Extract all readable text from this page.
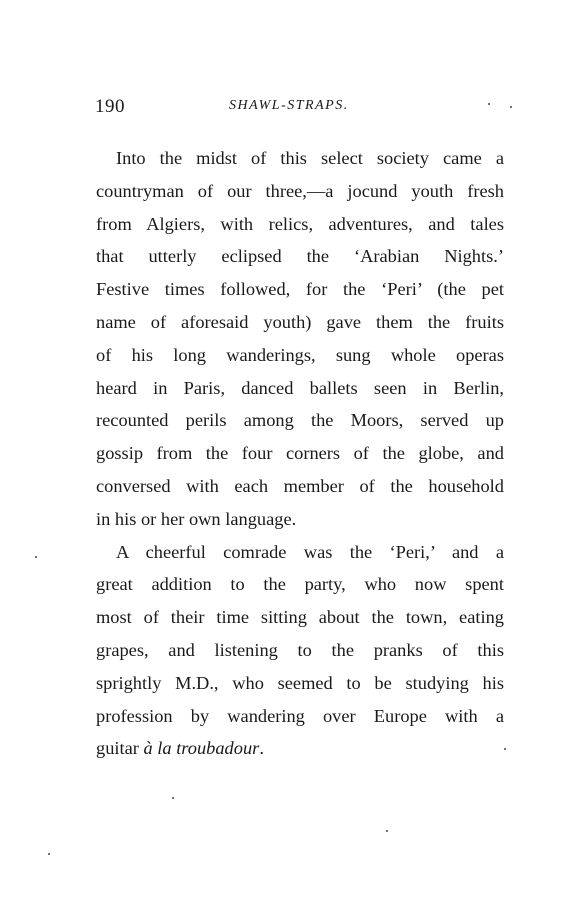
190	SHAWL-STRAPS.
Into the midst of this select society came a
countryman of our three,—a jocund youth fresh
from Algiers, with relics, adventures, and tales
that utterly eclipsed the ‘Arabian Nights.’
Festive times followed, for the ‘Peri’ (the pet
name of aforesaid youth) gave them the fruits
of his long wanderings, sung whole operas
heard in Paris, danced ballets seen in Berlin,
recounted perils among the Moors, served up
gossip from the four corners of the globe, and
conversed with each member of the household
in his or her own language.
A cheerful comrade was the ‘Peri,’ and a
great addition to the party, who now spent
most of their time sitting about the town, eating
grapes, and listening to the pranks of this
sprightly M.D., who seemed to be studying his
profession by wandering over Europe with a
guitar à la troubadour.
